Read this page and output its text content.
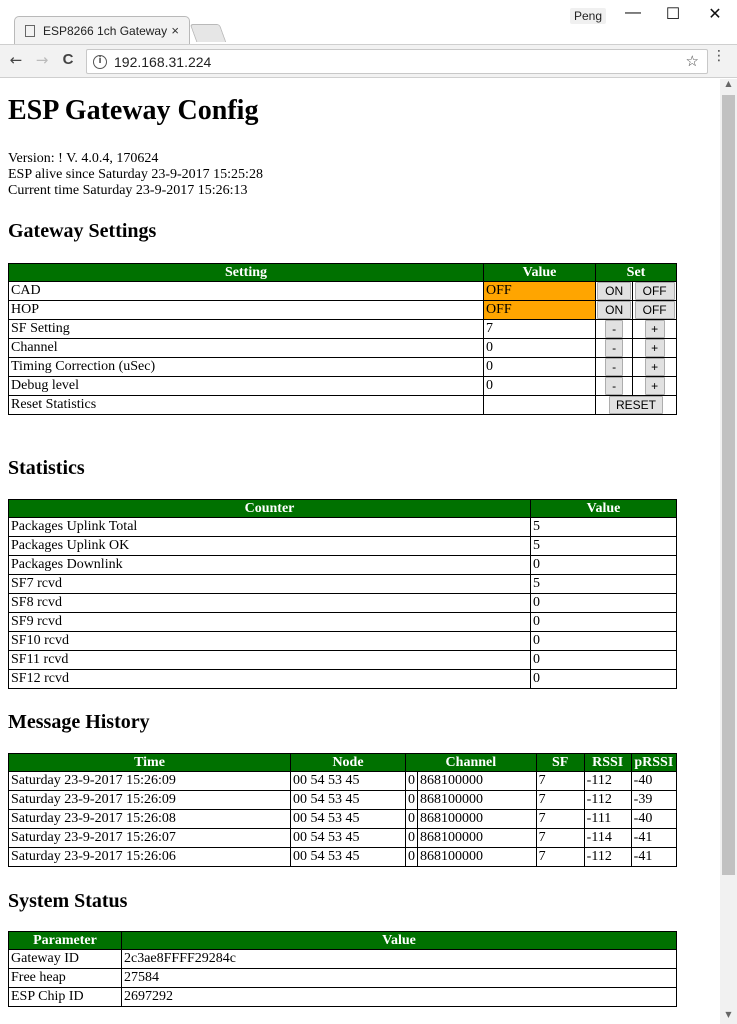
ESP8266 1ch Gateway ×
Peng	—	☐	✕
← → C	i 192.168.31.224	☆ ⋮
▲
▼
ESP Gateway Config
Version: ! V. 4.0.4, 170624
ESP alive since Saturday 23-9-2017 15:25:28
Current time Saturday 23-9-2017 15:26:13
Gateway Settings
Setting	Value	Set	
CAD	OFF	ON	OFF
HOP	OFF	ON	OFF
SF Setting	7	-	+
Channel	0	-	+
Timing Correction (uSec)	0	-	+
Debug level	0	-	+
Reset Statistics		RESET	
Statistics
Counter	Value
Packages Uplink Total	5
Packages Uplink OK	5
Packages Downlink	0
SF7 rcvd	5
SF8 rcvd	0
SF9 rcvd	0
SF10 rcvd	0
SF11 rcvd	0
SF12 rcvd	0
Message History
Time	Node	Channel		SF	RSSI	pRSSI
Saturday 23-9-2017 15:26:09	00 54 53 45	0	868100000	7	-112	-40
Saturday 23-9-2017 15:26:09	00 54 53 45	0	868100000	7	-112	-39
Saturday 23-9-2017 15:26:08	00 54 53 45	0	868100000	7	-111	-40
Saturday 23-9-2017 15:26:07	00 54 53 45	0	868100000	7	-114	-41
Saturday 23-9-2017 15:26:06	00 54 53 45	0	868100000	7	-112	-41
System Status
Parameter	Value
Gateway ID	2c3ae8FFFF29284c
Free heap	27584
ESP Chip ID	2697292
